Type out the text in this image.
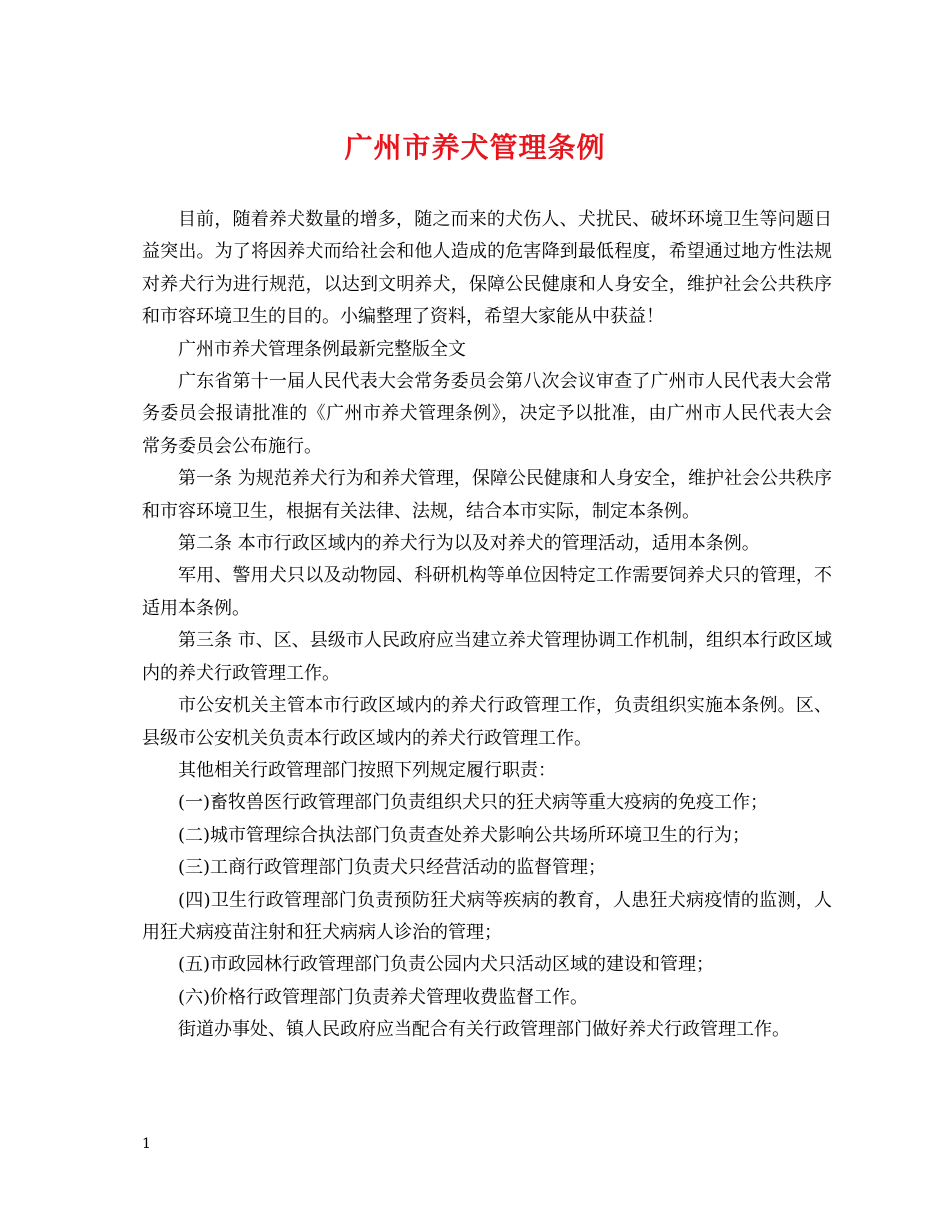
广州市养犬管理条例

目前，随着养犬数量的增多，随之而来的犬伤人、犬扰民、破坏环境卫生等问题日益突出。为了将因养犬而给社会和他人造成的危害降到最低程度，希望通过地方性法规对养犬行为进行规范，以达到文明养犬，保障公民健康和人身安全，维护社会公共秩序和市容环境卫生的目的。小编整理了资料，希望大家能从中获益！

广州市养犬管理条例最新完整版全文

广东省第十一届人民代表大会常务委员会第八次会议审查了广州市人民代表大会常务委员会报请批准的《广州市养犬管理条例》，决定予以批准，由广州市人民代表大会常务委员会公布施行。

第一条 为规范养犬行为和养犬管理，保障公民健康和人身安全，维护社会公共秩序和市容环境卫生，根据有关法律、法规，结合本市实际，制定本条例。

第二条 本市行政区域内的养犬行为以及对养犬的管理活动，适用本条例。

军用、警用犬只以及动物园、科研机构等单位因特定工作需要饲养犬只的管理，不适用本条例。

第三条 市、区、县级市人民政府应当建立养犬管理协调工作机制，组织本行政区域内的养犬行政管理工作。

市公安机关主管本市行政区域内的养犬行政管理工作，负责组织实施本条例。区、县级市公安机关负责本行政区域内的养犬行政管理工作。

其他相关行政管理部门按照下列规定履行职责：

(一)畜牧兽医行政管理部门负责组织犬只的狂犬病等重大疫病的免疫工作；

(二)城市管理综合执法部门负责查处养犬影响公共场所环境卫生的行为；

(三)工商行政管理部门负责犬只经营活动的监督管理；

(四)卫生行政管理部门负责预防狂犬病等疾病的教育，人患狂犬病疫情的监测，人用狂犬病疫苗注射和狂犬病病人诊治的管理；

(五)市政园林行政管理部门负责公园内犬只活动区域的建设和管理；

(六)价格行政管理部门负责养犬管理收费监督工作。

街道办事处、镇人民政府应当配合有关行政管理部门做好养犬行政管理工作。

1
